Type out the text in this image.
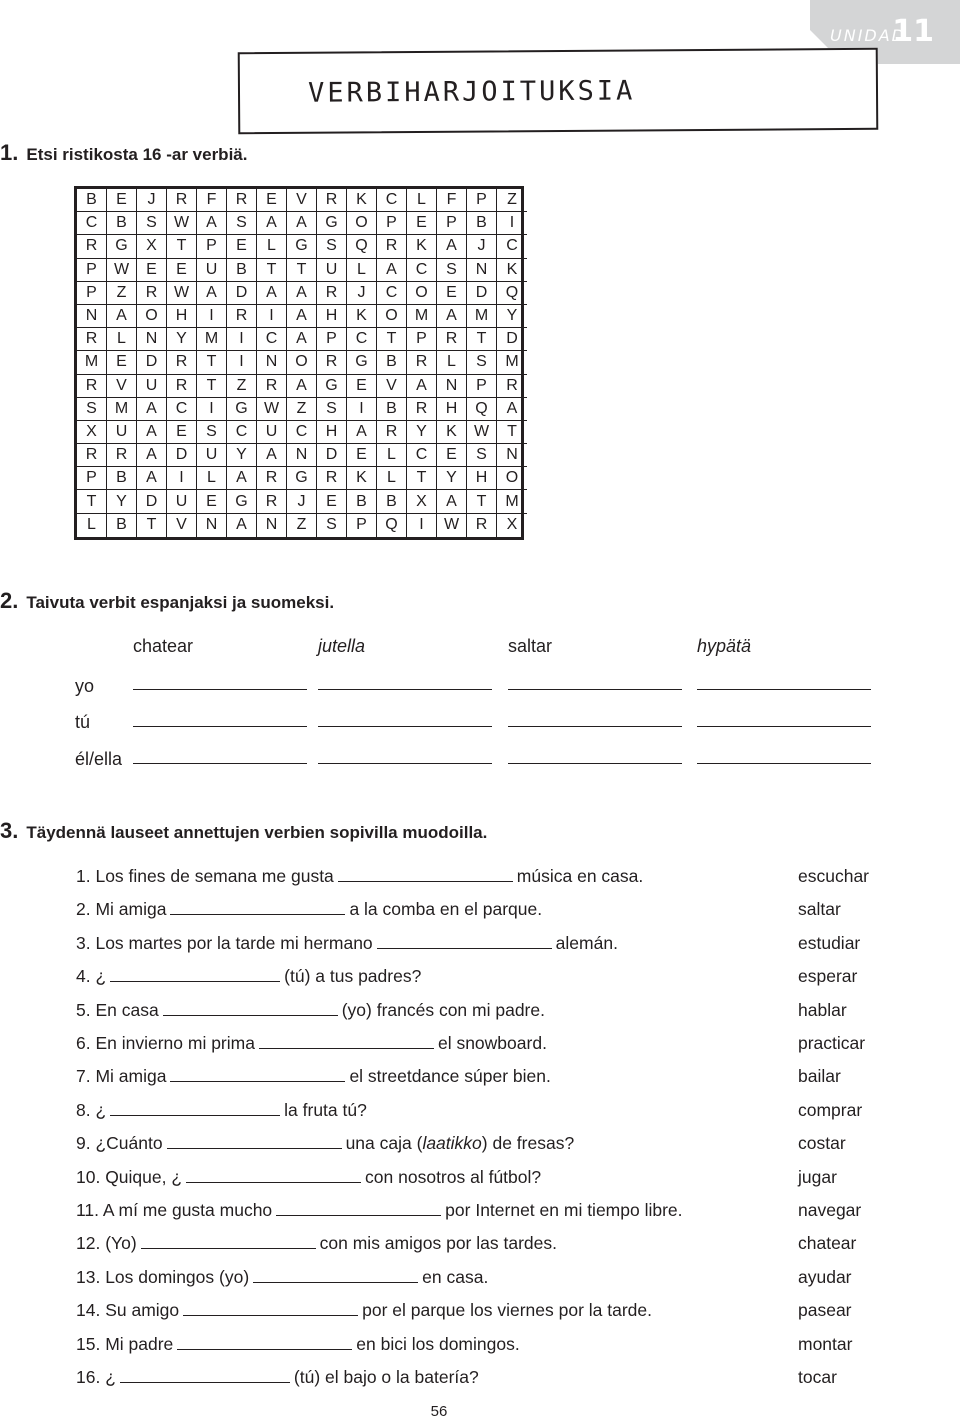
UNIDAD
11
VERBIHARJOITUKSIA
1. Etsi ristikosta 16 -ar verbiä.
B	E	J	R	F	R	E	V	R	K	C	L	F	P	Z
C	B	S	W	A	S	A	A	G	O	P	E	P	B	I
R	G	X	T	P	E	L	G	S	Q	R	K	A	J	C
P	W	E	E	U	B	T	T	U	L	A	C	S	N	K
P	Z	R	W	A	D	A	A	R	J	C	O	E	D	Q
N	A	O	H	I	R	I	A	H	K	O	M	A	M	Y
R	L	N	Y	M	I	C	A	P	C	T	P	R	T	D
M	E	D	R	T	I	N	O	R	G	B	R	L	S	M
R	V	U	R	T	Z	R	A	G	E	V	A	N	P	R
S	M	A	C	I	G	W	Z	S	I	B	R	H	Q	A
X	U	A	E	S	C	U	C	H	A	R	Y	K	W	T
R	R	A	D	U	Y	A	N	D	E	L	C	E	S	N
P	B	A	I	L	A	R	G	R	K	L	T	Y	H	O
T	Y	D	U	E	G	R	J	E	B	B	X	A	T	M
L	B	T	V	N	A	N	Z	S	P	Q	I	W	R	X
2. Taivuta verbit espanjaksi ja suomeksi.
chatear	jutella	saltar	hypätä
yo
tú
él/ella
3. Täydennä lauseet annettujen verbien sopivilla muodoilla.
1. Los fines de semana me gusta	música en casa.	escuchar
2. Mi amiga	a la comba en el parque.	saltar
3. Los martes por la tarde mi hermano	alemán.	estudiar
4. ¿	(tú) a tus padres?	esperar
5. En casa	(yo) francés con mi padre.	hablar
6. En invierno mi prima	el snowboard.	practicar
7. Mi amiga	el streetdance súper bien.	bailar
8. ¿	la fruta tú?	comprar
9. ¿Cuánto	una caja (laatikko) de fresas?	costar
10. Quique, ¿	con nosotros al fútbol?	jugar
11. A mí me gusta mucho	por Internet en mi tiempo libre.	navegar
12. (Yo)	con mis amigos por las tardes.	chatear
13. Los domingos (yo)	en casa.	ayudar
14. Su amigo	por el parque los viernes por la tarde.	pasear
15. Mi padre	en bici los domingos.	montar
16. ¿	(tú) el bajo o la batería?	tocar
56
